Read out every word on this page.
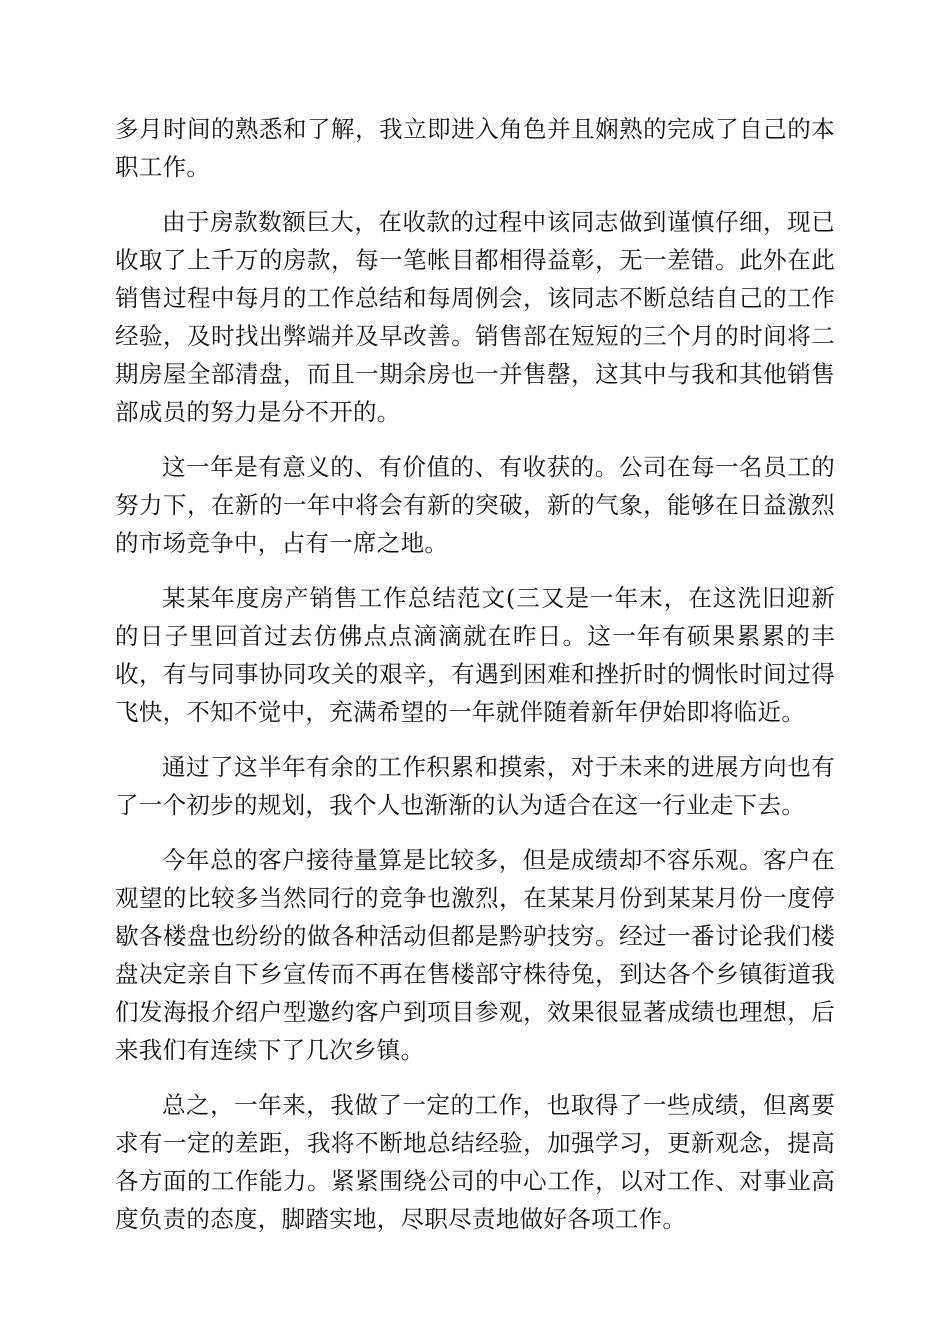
多月时间的熟悉和了解，我立即进入角色并且娴熟的完成了自己的本职工作。

由于房款数额巨大，在收款的过程中该同志做到谨慎仔细，现已收取了上千万的房款，每一笔帐目都相得益彰，无一差错。此外在此销售过程中每月的工作总结和每周例会，该同志不断总结自己的工作经验，及时找出弊端并及早改善。销售部在短短的三个月的时间将二期房屋全部清盘，而且一期余房也一并售罄，这其中与我和其他销售部成员的努力是分不开的。

这一年是有意义的、有价值的、有收获的。公司在每一名员工的努力下，在新的一年中将会有新的突破，新的气象，能够在日益激烈的市场竞争中，占有一席之地。

某某年度房产销售工作总结范文(三又是一年末，在这洗旧迎新的日子里回首过去仿佛点点滴滴就在昨日。这一年有硕果累累的丰收，有与同事协同攻关的艰辛，有遇到困难和挫折时的惆怅时间过得飞快，不知不觉中，充满希望的一年就伴随着新年伊始即将临近。

通过了这半年有余的工作积累和摸索，对于未来的进展方向也有了一个初步的规划，我个人也渐渐的认为适合在这一行业走下去。

今年总的客户接待量算是比较多，但是成绩却不容乐观。客户在观望的比较多当然同行的竞争也激烈，在某某月份到某某月份一度停歇各楼盘也纷纷的做各种活动但都是黔驴技穷。经过一番讨论我们楼盘决定亲自下乡宣传而不再在售楼部守株待兔，到达各个乡镇街道我们发海报介绍户型邀约客户到项目参观，效果很显著成绩也理想，后来我们有连续下了几次乡镇。

总之，一年来，我做了一定的工作，也取得了一些成绩，但离要求有一定的差距，我将不断地总结经验，加强学习，更新观念，提高各方面的工作能力。紧紧围绕公司的中心工作，以对工作、对事业高度负责的态度，脚踏实地，尽职尽责地做好各项工作。
